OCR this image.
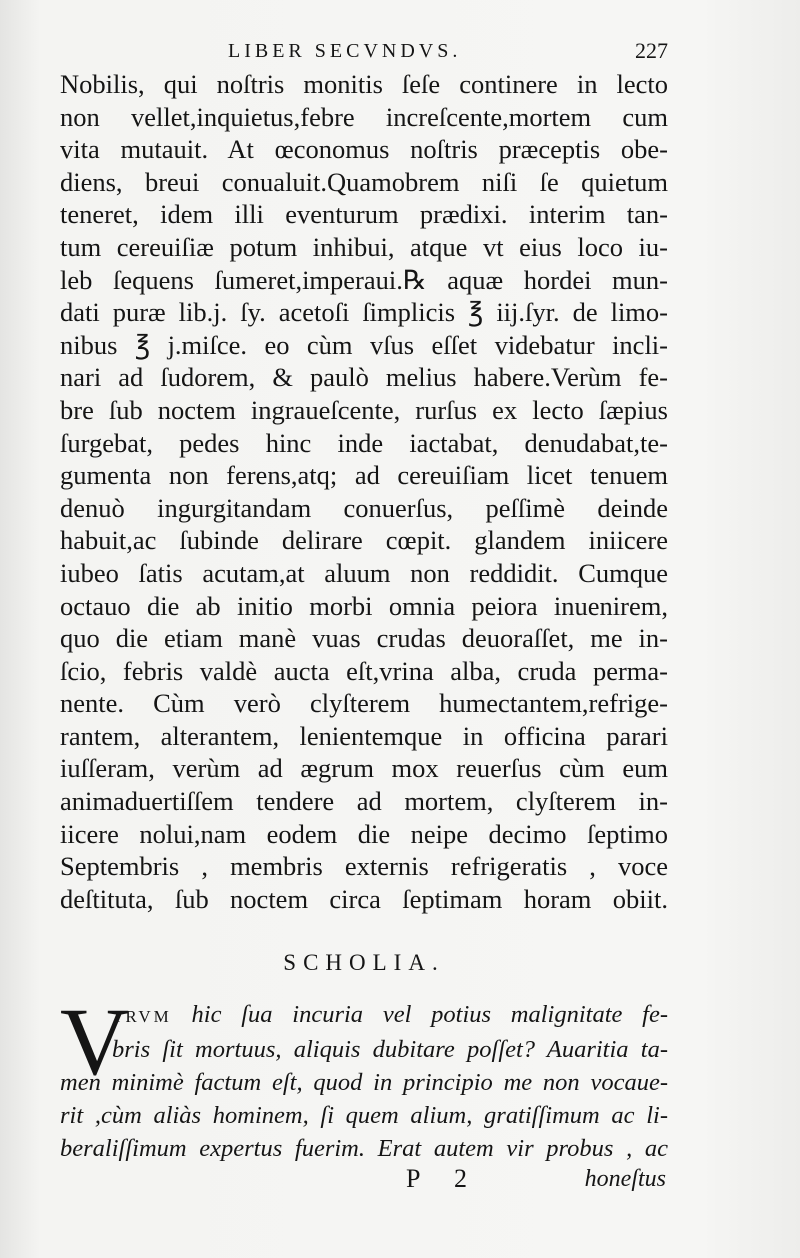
LIBER SECVNDVS.	227
Nobilis, qui noſtris monitis ſeſe continere in lecto
non vellet,inquietus,febre increſcente,mortem cum
vita mutauit. At œconomus noſtris præceptis obe-
diens, breui conualuit.Quamobrem niſi ſe quietum
teneret, idem illi eventurum prædixi. interim tan-
tum cereuiſiæ potum inhibui, atque vt eius loco iu-
leb ſequens ſumeret,imperaui.℞ aquæ hordei mun-
dati puræ lib.j. ſy. acetoſi ſimplicis ℥ iij.ſyr. de limo-
nibus ℥ j.miſce. eo cùm vſus eſſet videbatur incli-
nari ad ſudorem, & paulò melius habere.Verùm fe-
bre ſub noctem ingraueſcente, rurſus ex lecto ſæpius
ſurgebat, pedes hinc inde iactabat, denudabat,te-
gumenta non ferens,atq; ad cereuiſiam licet tenuem
denuò ingurgitandam conuerſus, peſſimè deinde
habuit,ac ſubinde delirare cœpit. glandem iniicere
iubeo ſatis acutam,at aluum non reddidit. Cumque
octauo die ab initio morbi omnia peiora inuenirem,
quo die etiam manè vuas crudas deuoraſſet, me in-
ſcio, febris valdè aucta eſt,vrina alba, cruda perma-
nente. Cùm verò clyſterem humectantem,refrige-
rantem, alterantem, lenientemque in officina parari
iuſſeram, verùm ad ægrum mox reuerſus cùm eum
animaduertiſſem tendere ad mortem, clyſterem in-
iicere nolui,nam eodem die neipe decimo ſeptimo
Septembris , membris externis refrigeratis , voce
deſtituta, ſub noctem circa ſeptimam horam obiit.
SCHOLIA.
V
TRVM hic ſua incuria vel potius malignitate fe-
bris ſit mortuus, aliquis dubitare poſſet? Auaritia ta-
men minimè factum eſt, quod in principio me non vocaue-
rit ,cùm aliàs hominem, ſi quem alium, gratiſſimum ac li-
beraliſſimum expertus fuerim. Erat autem vir probus , ac
P 2	honeſtus
